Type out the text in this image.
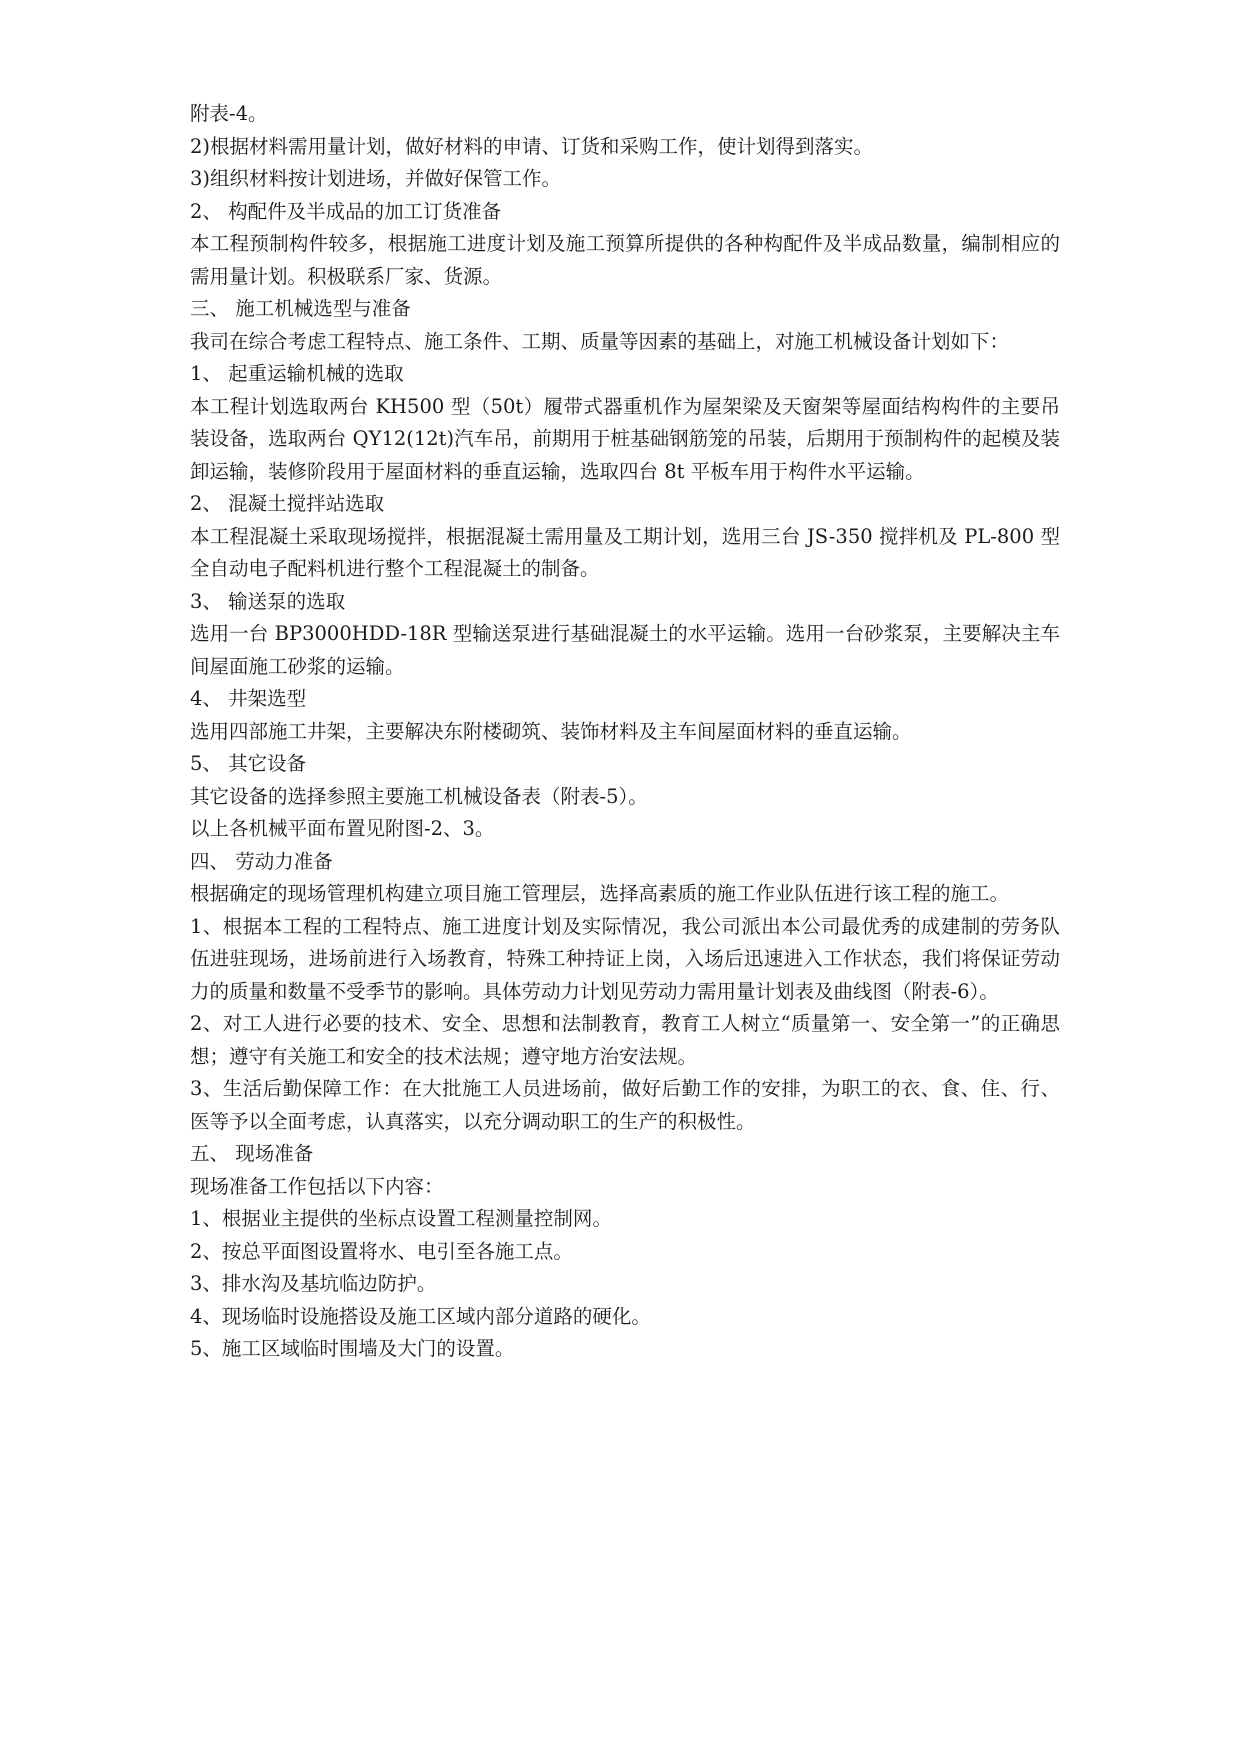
附表-4。

2)根据材料需用量计划，做好材料的申请、订货和采购工作，使计划得到落实。

3)组织材料按计划进场，并做好保管工作。

2、 构配件及半成品的加工订货准备

本工程预制构件较多，根据施工进度计划及施工预算所提供的各种构配件及半成品数量，编制相应的需用量计划。积极联系厂家、货源。

三、 施工机械选型与准备

我司在综合考虑工程特点、施工条件、工期、质量等因素的基础上，对施工机械设备计划如下：

1、 起重运输机械的选取

本工程计划选取两台 KH500 型（50t）履带式器重机作为屋架梁及天窗架等屋面结构构件的主要吊装设备，选取两台 QY12(12t)汽车吊，前期用于桩基础钢筋笼的吊装，后期用于预制构件的起模及装卸运输，装修阶段用于屋面材料的垂直运输，选取四台 8t 平板车用于构件水平运输。

2、 混凝土搅拌站选取

本工程混凝土采取现场搅拌，根据混凝土需用量及工期计划，选用三台 JS-350 搅拌机及 PL-800 型全自动电子配料机进行整个工程混凝土的制备。

3、 输送泵的选取

选用一台 BP3000HDD-18R 型输送泵进行基础混凝土的水平运输。选用一台砂浆泵，主要解决主车间屋面施工砂浆的运输。

4、 井架选型

选用四部施工井架，主要解决东附楼砌筑、装饰材料及主车间屋面材料的垂直运输。

5、 其它设备

其它设备的选择参照主要施工机械设备表（附表-5）。

以上各机械平面布置见附图-2、3。

四、 劳动力准备

根据确定的现场管理机构建立项目施工管理层，选择高素质的施工作业队伍进行该工程的施工。

1、根据本工程的工程特点、施工进度计划及实际情况，我公司派出本公司最优秀的成建制的劳务队伍进驻现场，进场前进行入场教育，特殊工种持证上岗，入场后迅速进入工作状态，我们将保证劳动力的质量和数量不受季节的影响。具体劳动力计划见劳动力需用量计划表及曲线图（附表-6）。

2、对工人进行必要的技术、安全、思想和法制教育，教育工人树立“质量第一、安全第一”的正确思想；遵守有关施工和安全的技术法规；遵守地方治安法规。

3、生活后勤保障工作：在大批施工人员进场前，做好后勤工作的安排，为职工的衣、食、住、行、医等予以全面考虑，认真落实，以充分调动职工的生产的积极性。

五、 现场准备

现场准备工作包括以下内容：

1、根据业主提供的坐标点设置工程测量控制网。

2、按总平面图设置将水、电引至各施工点。

3、排水沟及基坑临边防护。

4、现场临时设施搭设及施工区域内部分道路的硬化。

5、施工区域临时围墙及大门的设置。
